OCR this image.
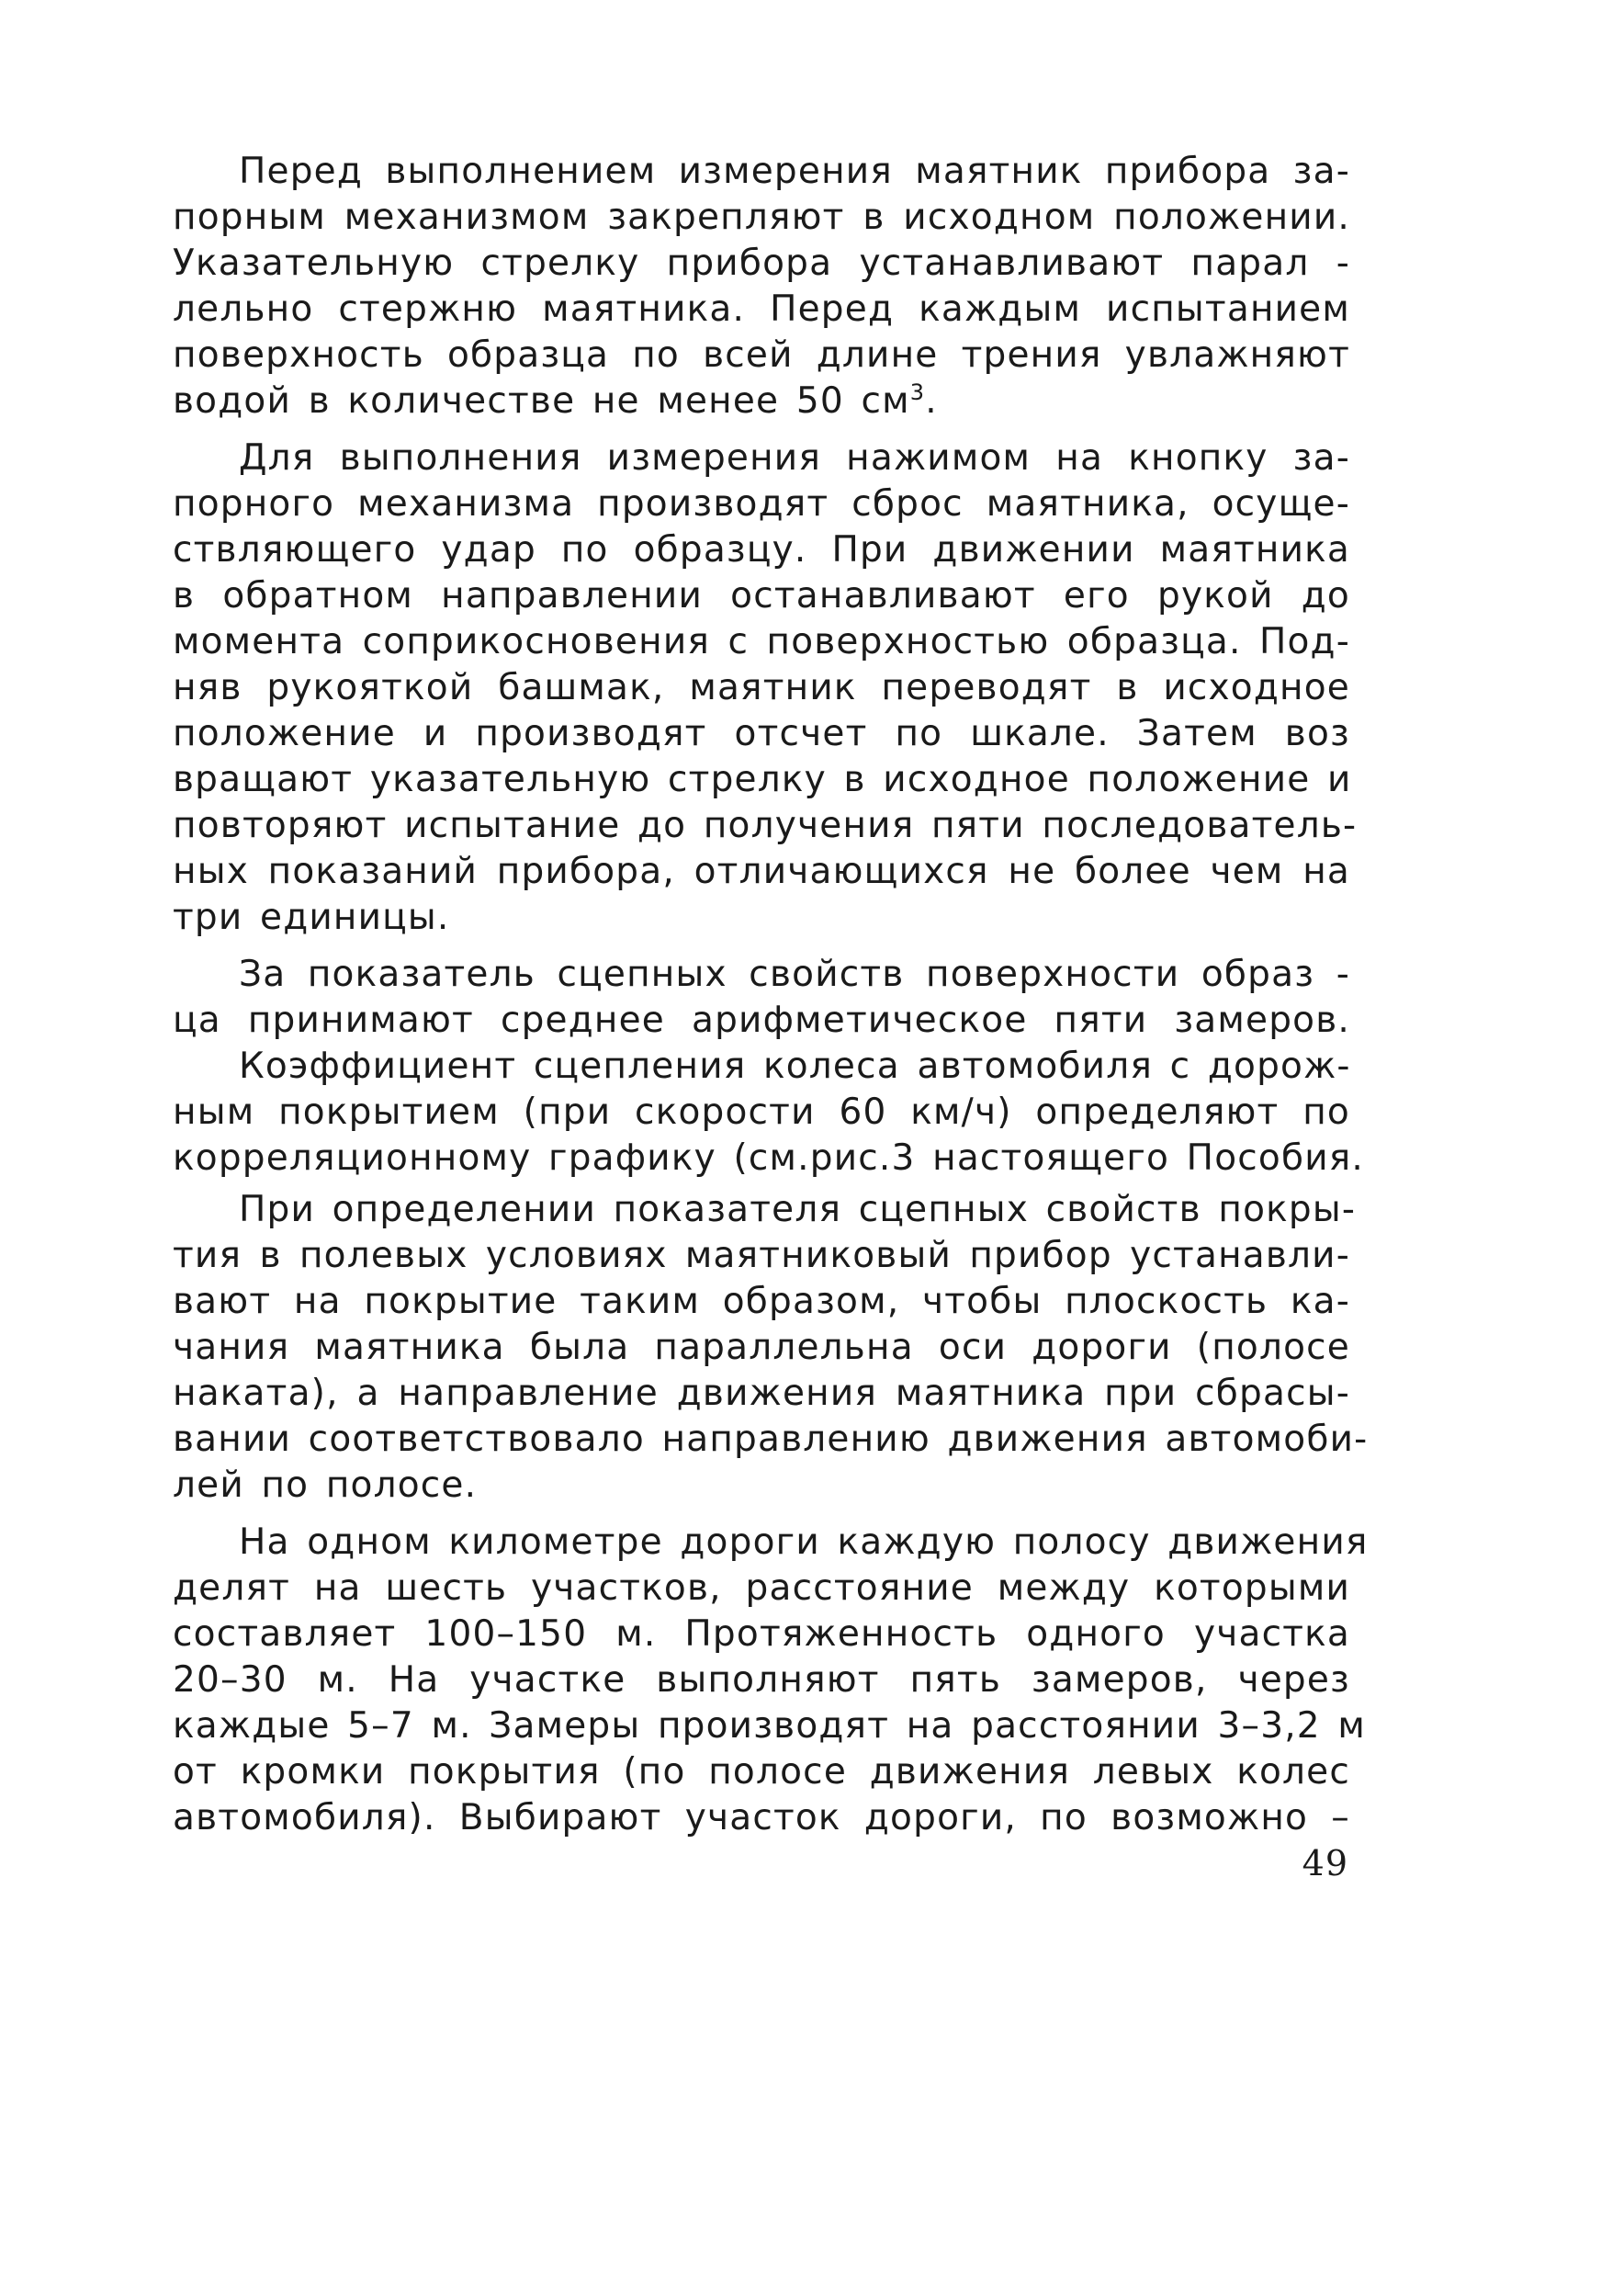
Перед выполнением измерения маятник прибора за-
порным механизмом закрепляют в исходном положении.
Указательную стрелку прибора устанавливают парал -
лельно стержню маятника. Перед каждым испытанием
поверхность образца по всей длине трения увлажняют
водой в количестве не менее 50 $см^3$.

Для выполнения измерения нажимом на кнопку за-
порного механизма производят сброс маятника, осуще-
ствляющего удар по образцу. При движении маятника
в обратном направлении останавливают его рукой до
момента соприкосновения с поверхностью образца. Под-
няв рукояткой башмак, маятник переводят в исходное
положение и производят отсчет по шкале. Затем воз
вращают указательную стрелку в исходное положение и
повторяют испытание до получения пяти последователь-
ных показаний прибора, отличающихся не более чем на
три единицы.

За показатель сцепных свойств поверхности образ -
ца принимают среднее арифметическое пяти замеров.

Коэффициент сцепления колеса автомобиля с дорож-
ным покрытием (при скорости 60 км/ч) определяют по
корреляционному графику (см.рис.3 настоящего Пособия.

При определении показателя сцепных свойств покры-
тия в полевых условиях маятниковый прибор устанавли-
вают на покрытие таким образом, чтобы плоскость ка-
чания маятника была параллельна оси дороги (полосе
наката), а направление движения маятника при сбрасы-
вании соответствовало направлению движения автомоби-
лей по полосе.

На одном километре дороги каждую полосу движения
делят на шесть участков, расстояние между которыми
составляет 100–150 м. Протяженность одного участка
20–30 м. На участке выполняют пять замеров, через
каждые 5–7 м. Замеры производят на расстоянии 3–3,2 м
от кромки покрытия (по полосе движения левых колес
автомобиля). Выбирают участок дороги, по возможно –

49
